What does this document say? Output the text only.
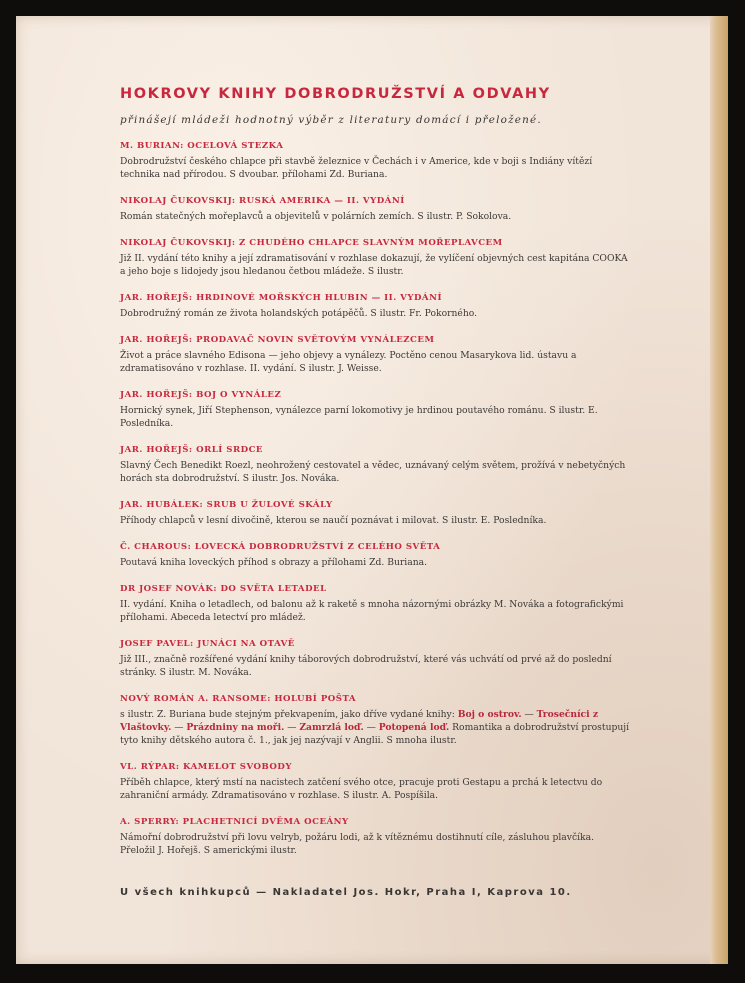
HOKROVY KNIHY DOBRODRUŽSTVÍ A ODVAHY

přinášejí mládeži hodnotný výběr z literatury domácí i přeložené.

M. BURIAN: OCELOVÁ STEZKA
Dobrodružství českého chlapce při stavbě železnice v Čechách i v Americe, kde v boji s Indiány vítězí technika nad přírodou. S dvoubar. přílohami Zd. Buriana.
NIKOLAJ ČUKOVSKIJ: RUSKÁ AMERIKA — II. VYDÁNÍ
Román statečných mořeplavců a objevitelů v polárních zemích. S ilustr. P. Sokolova.
NIKOLAJ ČUKOVSKIJ: Z CHUDÉHO CHLAPCE SLAVNÝM MOŘEPLAVCEM
Již II. vydání této knihy a její zdramatisování v rozhlase dokazují, že vylíčení objevných cest kapitána COOKA a jeho boje s lidojedy jsou hledanou četbou mládeže. S ilustr.
JAR. HOŘEJŠ: HRDINOVÉ MOŘSKÝCH HLUBIN — II. VYDÁNÍ
Dobrodružný román ze života holandských potápěčů. S ilustr. Fr. Pokorného.
JAR. HOŘEJŠ: PRODAVAČ NOVIN SVĚTOVÝM VYNÁLEZCEM
Život a práce slavného Edisona — jeho objevy a vynálezy. Poctěno cenou Masarykova lid. ústavu a zdramatisováno v rozhlase. II. vydání. S ilustr. J. Weisse.
JAR. HOŘEJŠ: BOJ O VYNÁLEZ
Hornický synek, Jiří Stephenson, vynálezce parní lokomotivy je hrdinou poutavého románu. S ilustr. E. Posledníka.
JAR. HOŘEJŠ: ORLÍ SRDCE
Slavný Čech Benedikt Roezl, neohrožený cestovatel a vědec, uznávaný celým světem, prožívá v nebetyčných horách sta dobrodružství. S ilustr. Jos. Nováka.
JAR. HUBÁLEK: SRUB U ŽULOVÉ SKÁLY
Příhody chlapců v lesní divočině, kterou se naučí poznávat i milovat. S ilustr. E. Posledníka.
Č. CHAROUS: LOVECKÁ DOBRODRUŽSTVÍ Z CELÉHO SVĚTA
Poutavá kniha loveckých příhod s obrazy a přílohami Zd. Buriana.
DR JOSEF NOVÁK: DO SVĚTA LETADEL
II. vydání. Kniha o letadlech, od balonu až k raketě s mnoha názornými obrázky M. Nováka a fotografickými přílohami. Abeceda letectví pro mládež.
JOSEF PAVEL: JUNÁCI NA OTAVĚ
Již III., značně rozšířené vydání knihy táborových dobrodružství, které vás uchvátí od prvé až do poslední stránky. S ilustr. M. Nováka.
NOVÝ ROMÁN A. RANSOME: HOLUBÍ POŠTA
s ilustr. Z. Buriana bude stejným překvapením, jako dříve vydané knihy: Boj o ostrov. — Trosečníci z Vlaštovky. — Prázdniny na moři. — Zamrzlá loď. — Potopená loď. Romantika a dobrodružství prostupují tyto knihy dětského autora č. 1., jak jej nazývají v Anglii. S mnoha ilustr.
VL. RÝPAR: KAMELOT SVOBODY
Příběh chlapce, který mstí na nacistech zatčení svého otce, pracuje proti Gestapu a prchá k letectvu do zahraniční armády. Zdramatisováno v rozhlase. S ilustr. A. Pospíšila.
A. SPERRY: PLACHETNICÍ DVĚMA OCEÁNY
Námořní dobrodružství při lovu velryb, požáru lodi, až k vítěznému dostihnutí cíle, zásluhou plavčíka. Přeložil J. Hořejš. S americkými ilustr.
U všech knihkupců — Nakladatel Jos. Hokr, Praha I, Kaprova 10.
